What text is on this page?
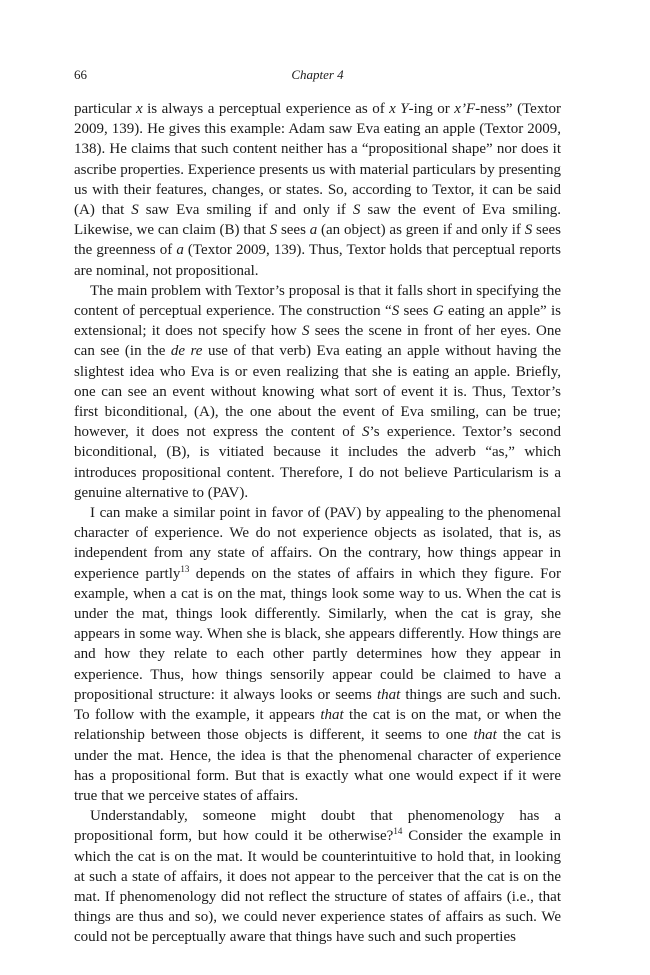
66	Chapter 4

particular x is always a perceptual experience as of x Y-ing or x’F-ness” (Textor 2009, 139). He gives this example: Adam saw Eva eating an apple (Textor 2009, 138). He claims that such content neither has a “propositional shape” nor does it ascribe properties. Experience presents us with material particulars by presenting us with their features, changes, or states. So, according to Textor, it can be said (A) that S saw Eva smiling if and only if S saw the event of Eva smiling. Likewise, we can claim (B) that S sees a (an object) as green if and only if S sees the greenness of a (Textor 2009, 139). Thus, Textor holds that perceptual reports are nominal, not propositional.

The main problem with Textor’s proposal is that it falls short in specifying the content of perceptual experience. The construction “S sees G eating an apple” is extensional; it does not specify how S sees the scene in front of her eyes. One can see (in the de re use of that verb) Eva eating an apple without having the slightest idea who Eva is or even realizing that she is eating an apple. Briefly, one can see an event without knowing what sort of event it is. Thus, Textor’s first biconditional, (A), the one about the event of Eva smiling, can be true; however, it does not express the content of S’s experience. Textor’s second biconditional, (B), is vitiated because it includes the adverb “as,” which introduces propositional content. Therefore, I do not believe Particularism is a genuine alternative to (PAV).

I can make a similar point in favor of (PAV) by appealing to the phenomenal character of experience. We do not experience objects as isolated, that is, as independent from any state of affairs. On the contrary, how things appear in experience partly$^{13}$ depends on the states of affairs in which they figure. For example, when a cat is on the mat, things look some way to us. When the cat is under the mat, things look differently. Similarly, when the cat is gray, she appears in some way. When she is black, she appears differently. How things are and how they relate to each other partly determines how they appear in experience. Thus, how things sensorily appear could be claimed to have a propositional structure: it always looks or seems that things are such and such. To follow with the example, it appears that the cat is on the mat, or when the relationship between those objects is different, it seems to one that the cat is under the mat. Hence, the idea is that the phenomenal character of experience has a propositional form. But that is exactly what one would expect if it were true that we perceive states of affairs.

Understandably, someone might doubt that phenomenology has a propositional form, but how could it be otherwise?$^{14}$ Consider the example in which the cat is on the mat. It would be counterintuitive to hold that, in looking at such a state of affairs, it does not appear to the perceiver that the cat is on the mat. If phenomenology did not reflect the structure of states of affairs (i.e., that things are thus and so), we could never experience states of affairs as such. We could not be perceptually aware that things have such and such properties
